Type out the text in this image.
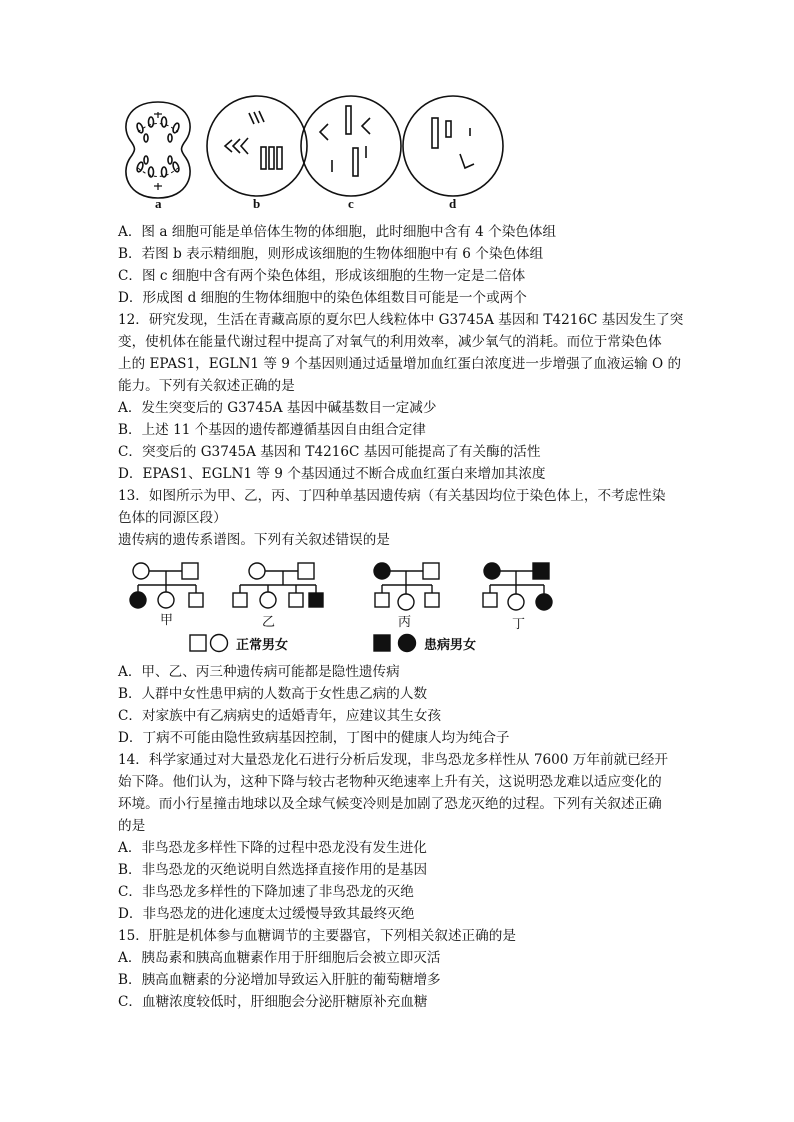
a	b	c	d
A．图 a 细胞可能是单倍体生物的体细胞，此时细胞中含有 4 个染色体组
B．若图 b 表示精细胞，则形成该细胞的生物体细胞中有 6 个染色体组
C．图 c 细胞中含有两个染色体组，形成该细胞的生物一定是二倍体
D．形成图 d 细胞的生物体细胞中的染色体组数目可能是一个或两个
12．研究发现，生活在青藏高原的夏尔巴人线粒体中 G3745A 基因和 T4216C 基因发生了突
变，使机体在能量代谢过程中提高了对氧气的利用效率，减少氧气的消耗。而位于常染色体
上的 EPAS1，EGLN1 等 9 个基因则通过适量增加血红蛋白浓度进一步增强了血液运输 O 的
能力。下列有关叙述正确的是
A．发生突变后的 G3745A 基因中碱基数目一定减少
B．上述 11 个基因的遗传都遵循基因自由组合定律
C．突变后的 G3745A 基因和 T4216C 基因可能提高了有关酶的活性
D．EPAS1、EGLN1 等 9 个基因通过不断合成血红蛋白来增加其浓度
13．如图所示为甲、乙，丙、丁四种单基因遗传病（有关基因均位于染色体上，不考虑性染
色体的同源区段）
遗传病的遗传系谱图。下列有关叙述错误的是
甲	乙	丙	丁
正常男女	患病男女
A．甲、乙、丙三种遗传病可能都是隐性遗传病
B．人群中女性患甲病的人数高于女性患乙病的人数
C．对家族中有乙病病史的适婚青年，应建议其生女孩
D．丁病不可能由隐性致病基因控制，丁图中的健康人均为纯合子
14．科学家通过对大量恐龙化石进行分析后发现，非鸟恐龙多样性从 7600 万年前就已经开
始下降。他们认为，这种下降与较古老物种灭绝速率上升有关，这说明恐龙难以适应变化的
环境。而小行星撞击地球以及全球气候变冷则是加剧了恐龙灭绝的过程。下列有关叙述正确
的是
A．非鸟恐龙多样性下降的过程中恐龙没有发生进化
B．非鸟恐龙的灭绝说明自然选择直接作用的是基因
C．非鸟恐龙多样性的下降加速了非鸟恐龙的灭绝
D．非鸟恐龙的进化速度太过缓慢导致其最终灭绝
15．肝脏是机体参与血糖调节的主要器官，下列相关叙述正确的是
A．胰岛素和胰高血糖素作用于肝细胞后会被立即灭活
B．胰高血糖素的分泌增加导致运入肝脏的葡萄糖增多
C．血糖浓度较低时，肝细胞会分泌肝糖原补充血糖
